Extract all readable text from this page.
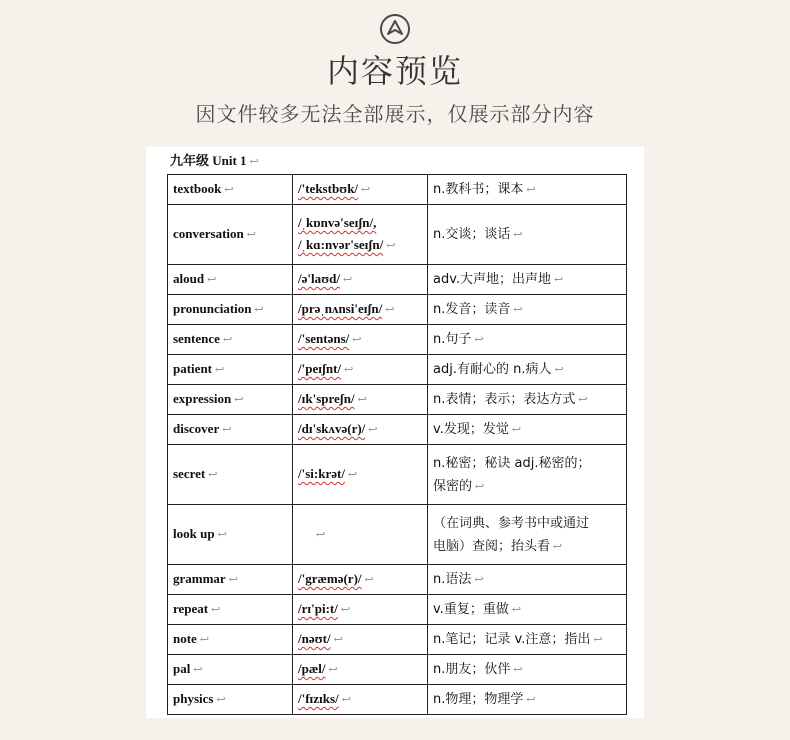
内容预览
因文件较多无法全部展示，仅展示部分内容
九年级 Unit 1 ↩
textbook ↩	/'tekstbʊk/ ↩	n.教科书；课本 ↩
conversation ↩	/ˌkɒnvə'seɪʃn/,
/ˌkɑ:nvər'seɪʃn/ ↩	n.交谈；谈话 ↩
aloud ↩	/ə'laʊd/ ↩	adv.大声地；出声地 ↩
pronunciation ↩	/prəˌnʌnsi'eɪʃn/ ↩	n.发音；读音 ↩
sentence ↩	/'sentəns/ ↩	n.句子 ↩
patient ↩	/'peɪʃnt/ ↩	adj.有耐心的 n.病人 ↩
expression ↩	/ɪk'spreʃn/ ↩	n.表情；表示；表达方式 ↩
discover ↩	/dɪ'skʌvə(r)/ ↩	v.发现；发觉 ↩
secret ↩	/'si:krət/ ↩	n.秘密；秘诀 adj.秘密的；
保密的 ↩
look up ↩	↩	（在词典、参考书中或通过
电脑）查阅；抬头看 ↩
grammar ↩	/'græmə(r)/ ↩	n.语法 ↩
repeat ↩	/rɪ'pi:t/ ↩	v.重复；重做 ↩
note ↩	/nəʊt/ ↩	n.笔记；记录 v.注意；指出 ↩
pal ↩	/pæl/ ↩	n.朋友；伙伴 ↩
physics ↩	/'fɪzɪks/ ↩	n.物理；物理学 ↩
